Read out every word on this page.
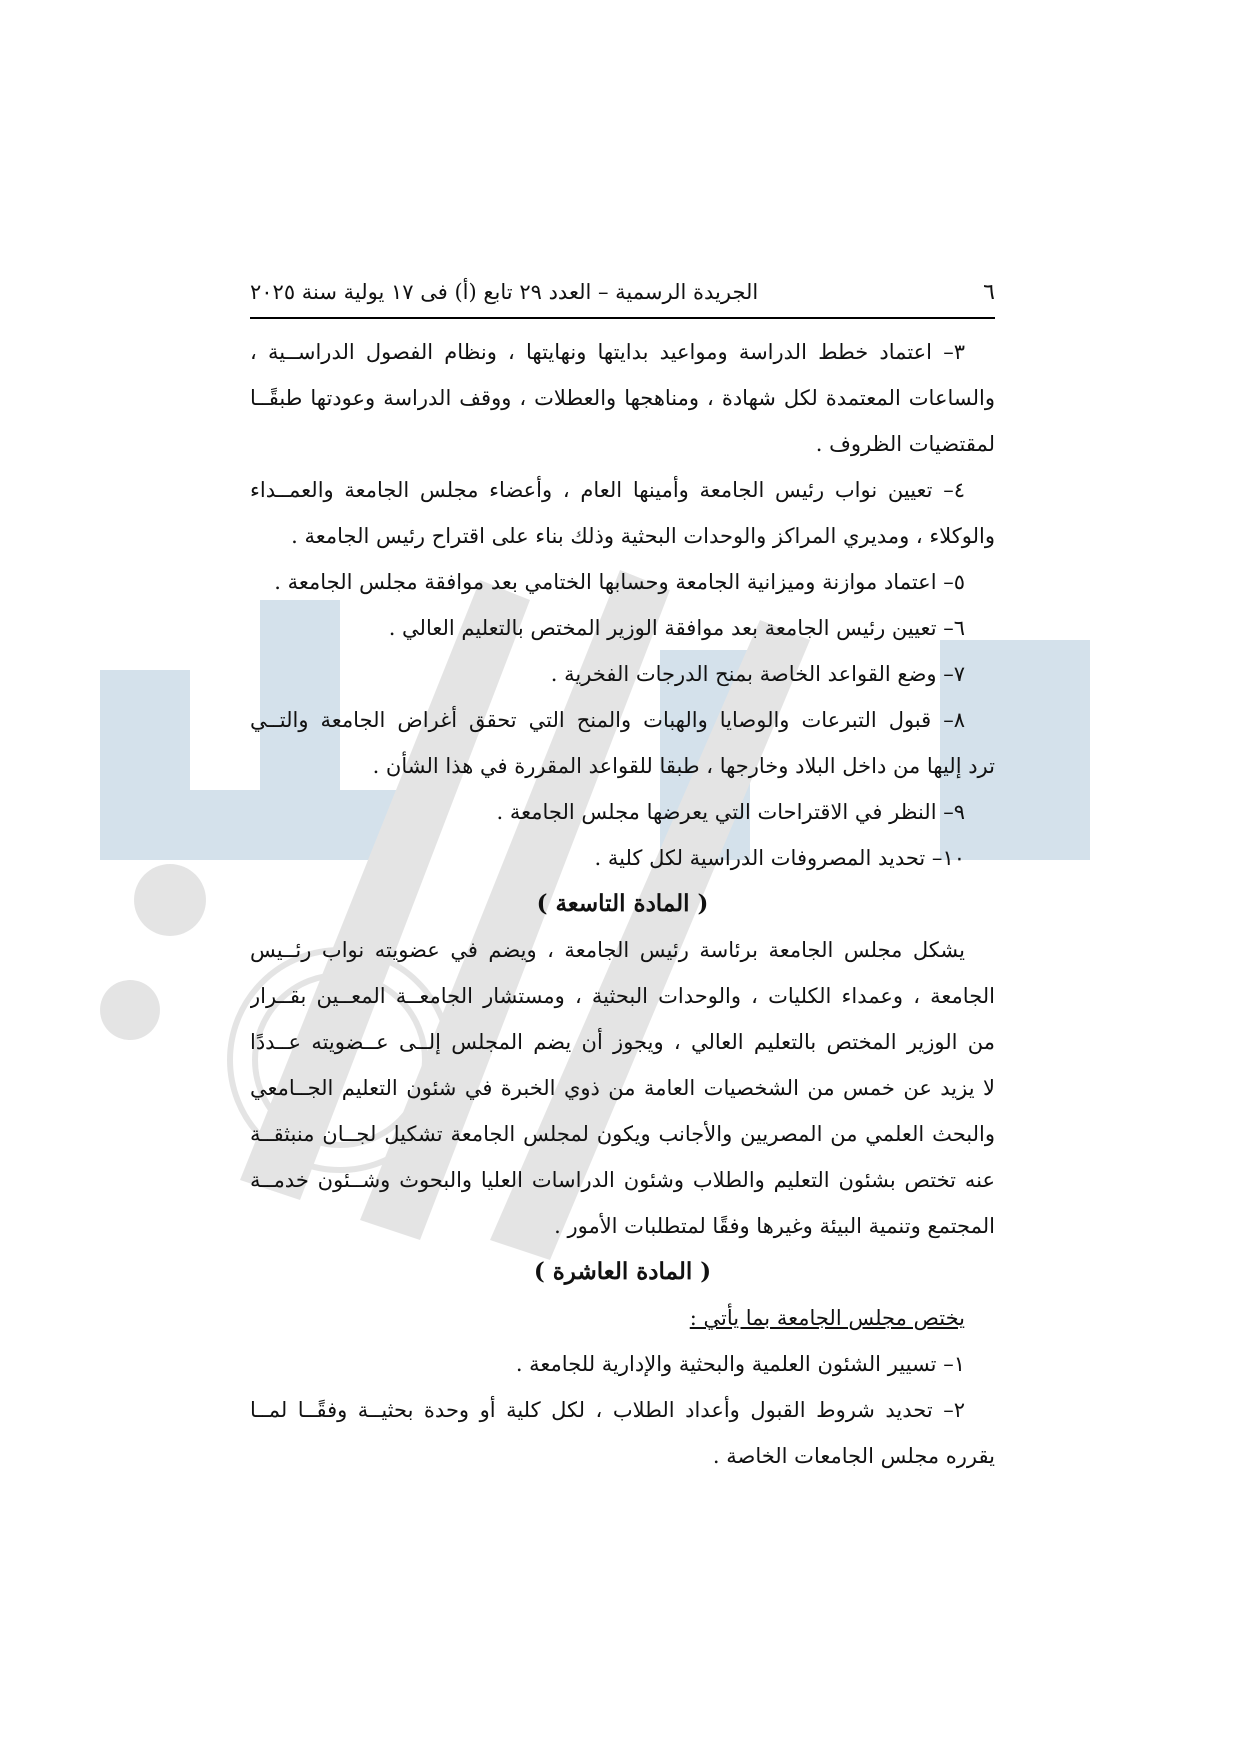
٦
الجريدة الرسمية – العدد ٢٩ تابع (أ) فى ١٧ يولية سنة ٢٠٢٥
٣– اعتماد خطط الدراسة ومواعيد بدايتها ونهايتها ، ونظام الفصول الدراســية ،
والساعات المعتمدة لكل شهادة ، ومناهجها والعطلات ، ووقف الدراسة وعودتها طبقًــا
لمقتضيات الظروف .
٤– تعيين نواب رئيس الجامعة وأمينها العام ، وأعضاء مجلس الجامعة والعمــداء
والوكلاء ، ومديري المراكز والوحدات البحثية وذلك بناء على اقتراح رئيس الجامعة .
٥– اعتماد موازنة وميزانية الجامعة وحسابها الختامي بعد موافقة مجلس الجامعة .
٦– تعيين رئيس الجامعة بعد موافقة الوزير المختص بالتعليم العالي .
٧– وضع القواعد الخاصة بمنح الدرجات الفخرية .
٨– قبول التبرعات والوصايا والهبات والمنح التي تحقق أغراض الجامعة والتــي
ترد إليها من داخل البلاد وخارجها ، طبقا للقواعد المقررة في هذا الشأن .
٩– النظر في الاقتراحات التي يعرضها مجلس الجامعة .
١٠– تحديد المصروفات الدراسية لكل كلية .
( المادة التاسعة )
يشكل مجلس الجامعة برئاسة رئيس الجامعة ، ويضم في عضويته نواب رئــيس
الجامعة ، وعمداء الكليات ، والوحدات البحثية ، ومستشار الجامعــة المعــين بقــرار
من الوزير المختص بالتعليم العالي ، ويجوز أن يضم المجلس إلــى عــضويته عــددًا
لا يزيد عن خمس من الشخصيات العامة من ذوي الخبرة في شئون التعليم الجــامعي
والبحث العلمي من المصريين والأجانب ويكون لمجلس الجامعة تشكيل لجــان منبثقــة
عنه تختص بشئون التعليم والطلاب وشئون الدراسات العليا والبحوث وشــئون خدمــة
المجتمع وتنمية البيئة وغيرها وفقًا لمتطلبات الأمور .
( المادة العاشرة )
يختص مجلس الجامعة بما يأتي :
١– تسيير الشئون العلمية والبحثية والإدارية للجامعة .
٢– تحديد شروط القبول وأعداد الطلاب ، لكل كلية أو وحدة بحثيــة وفقًــا لمــا
يقرره مجلس الجامعات الخاصة .
